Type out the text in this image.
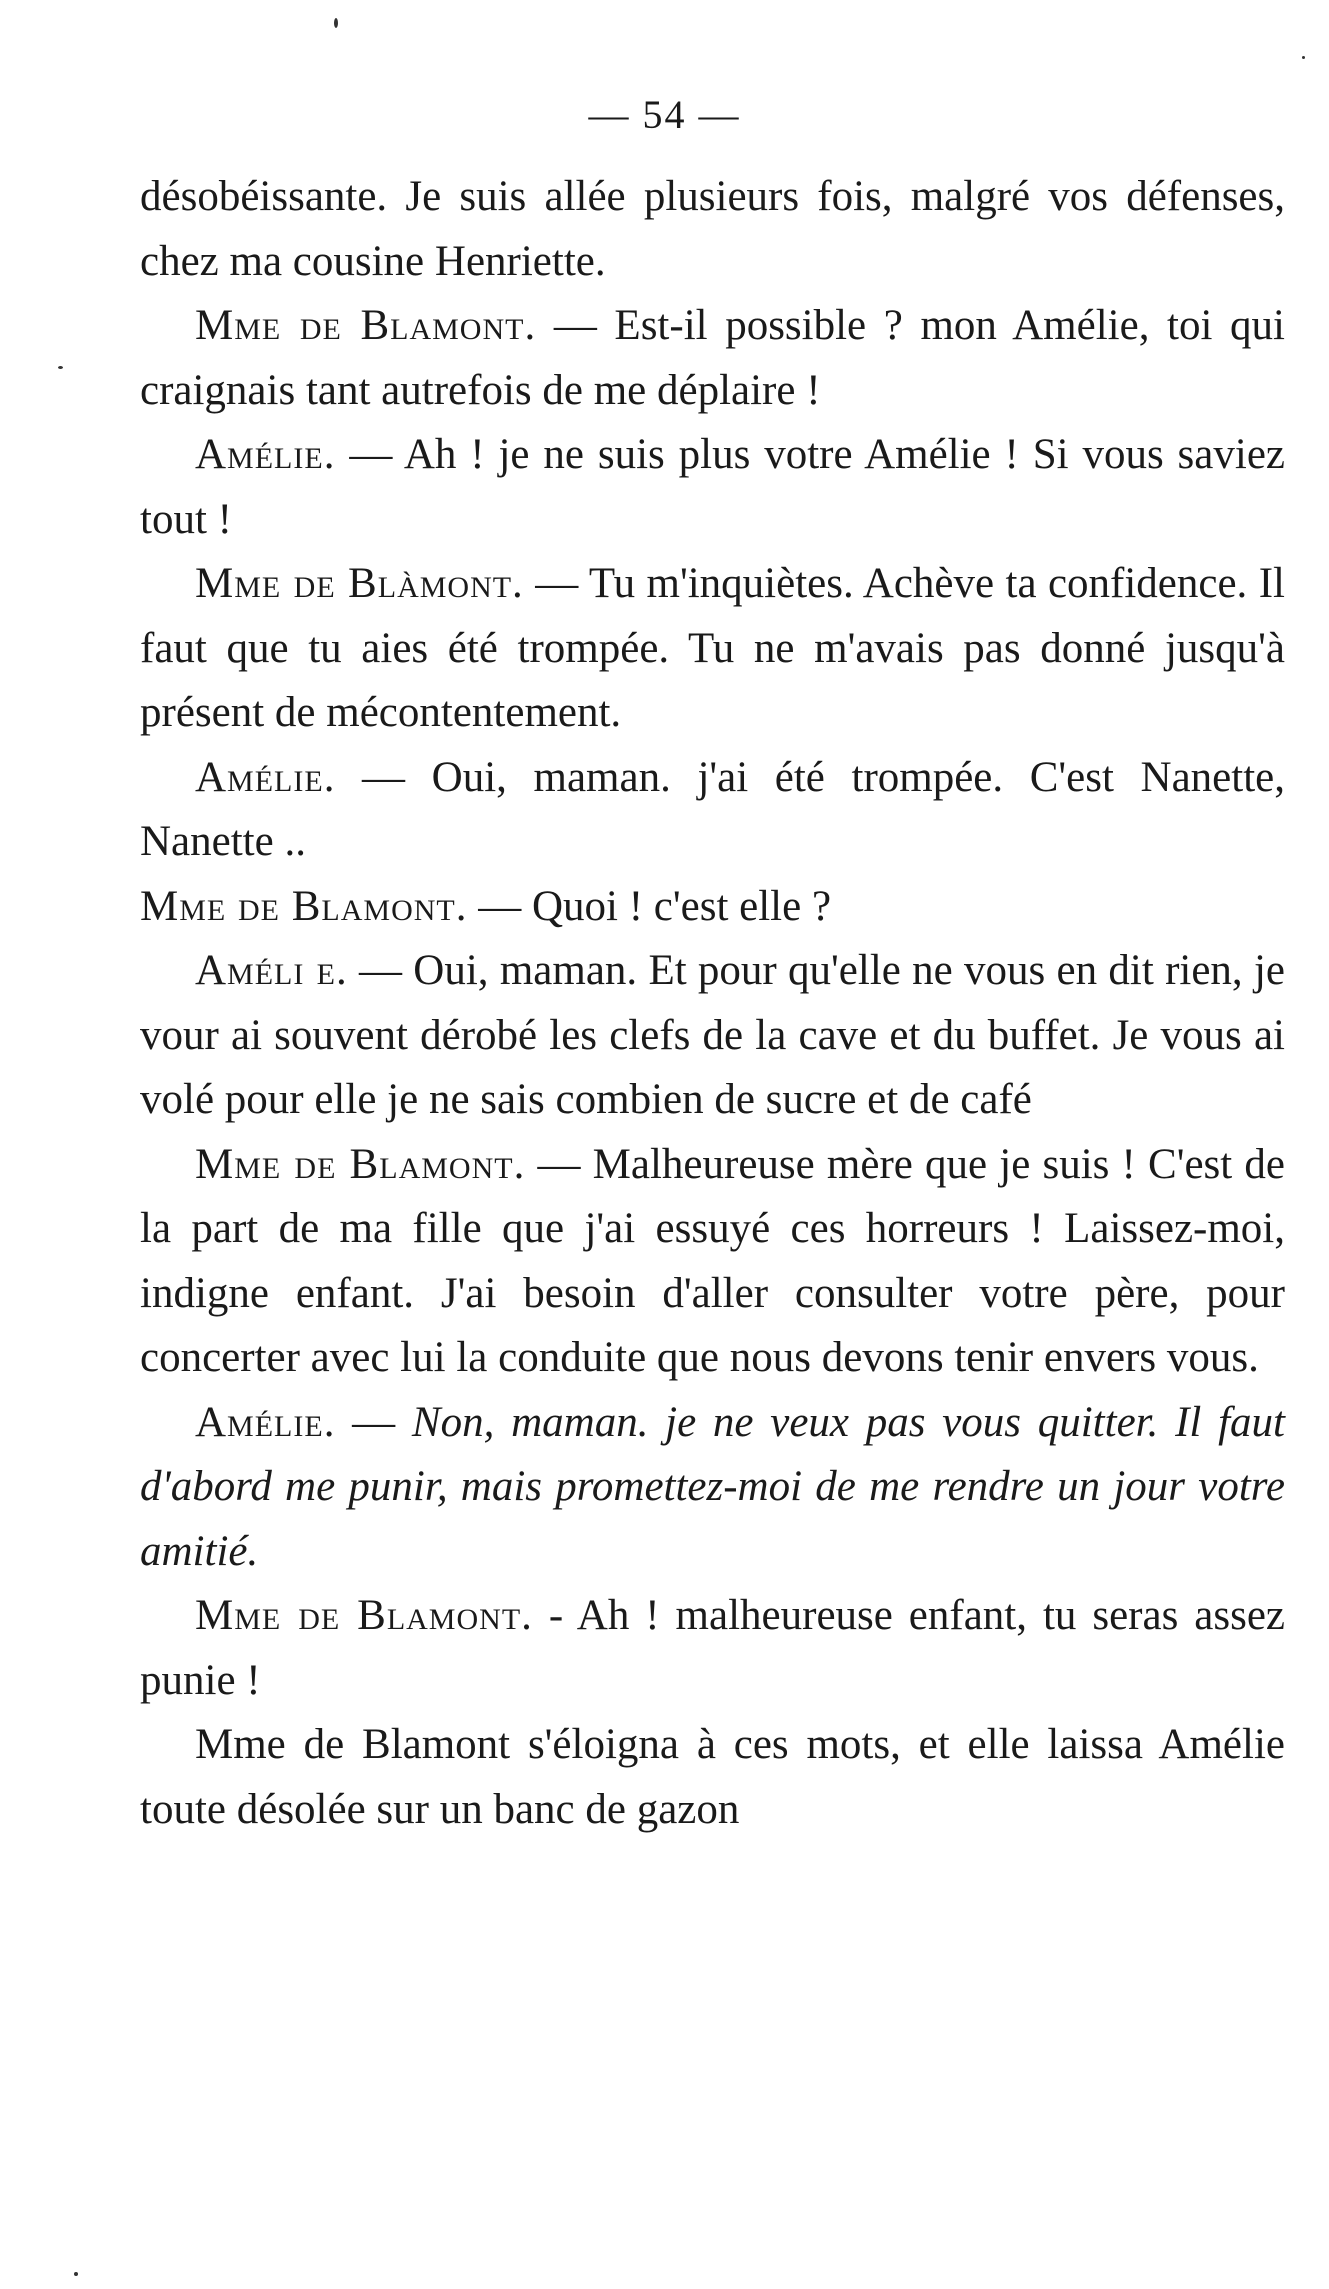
— 54 —

désobéissante. Je suis allée plusieurs fois, malgré vos défenses, chez ma cousine Henriette.

Mme de Blamont. — Est-il possible ? mon Amélie, toi qui craignais tant autrefois de me déplaire !

Amélie. — Ah ! je ne suis plus votre Amélie ! Si vous saviez tout !

Mme de Blàmont. — Tu m'inquiètes. Achève ta confidence. Il faut que tu aies été trompée. Tu ne m'avais pas donné jusqu'à présent de mécontentement.

Amélie. — Oui, maman. j'ai été trompée. C'est Nanette, Nanette ..

Mme de Blamont. — Quoi ! c'est elle ?

Améli e. — Oui, maman. Et pour qu'elle ne vous en dit rien, je vour ai souvent dérobé les clefs de la cave et du buffet. Je vous ai volé pour elle je ne sais combien de sucre et de café

Mme de Blamont. — Malheureuse mère que je suis ! C'est de la part de ma fille que j'ai essuyé ces horreurs ! Laissez-moi, indigne enfant. J'ai besoin d'aller consulter votre père, pour concerter avec lui la conduite que nous devons tenir envers vous.

Amélie. — Non, maman. je ne veux pas vous quitter. Il faut d'abord me punir, mais promettez-moi de me rendre un jour votre amitié.

Mme de Blamont. - Ah ! malheureuse enfant, tu seras assez punie !

Mme de Blamont s'éloigna à ces mots, et elle laissa Amélie toute désolée sur un banc de gazon
